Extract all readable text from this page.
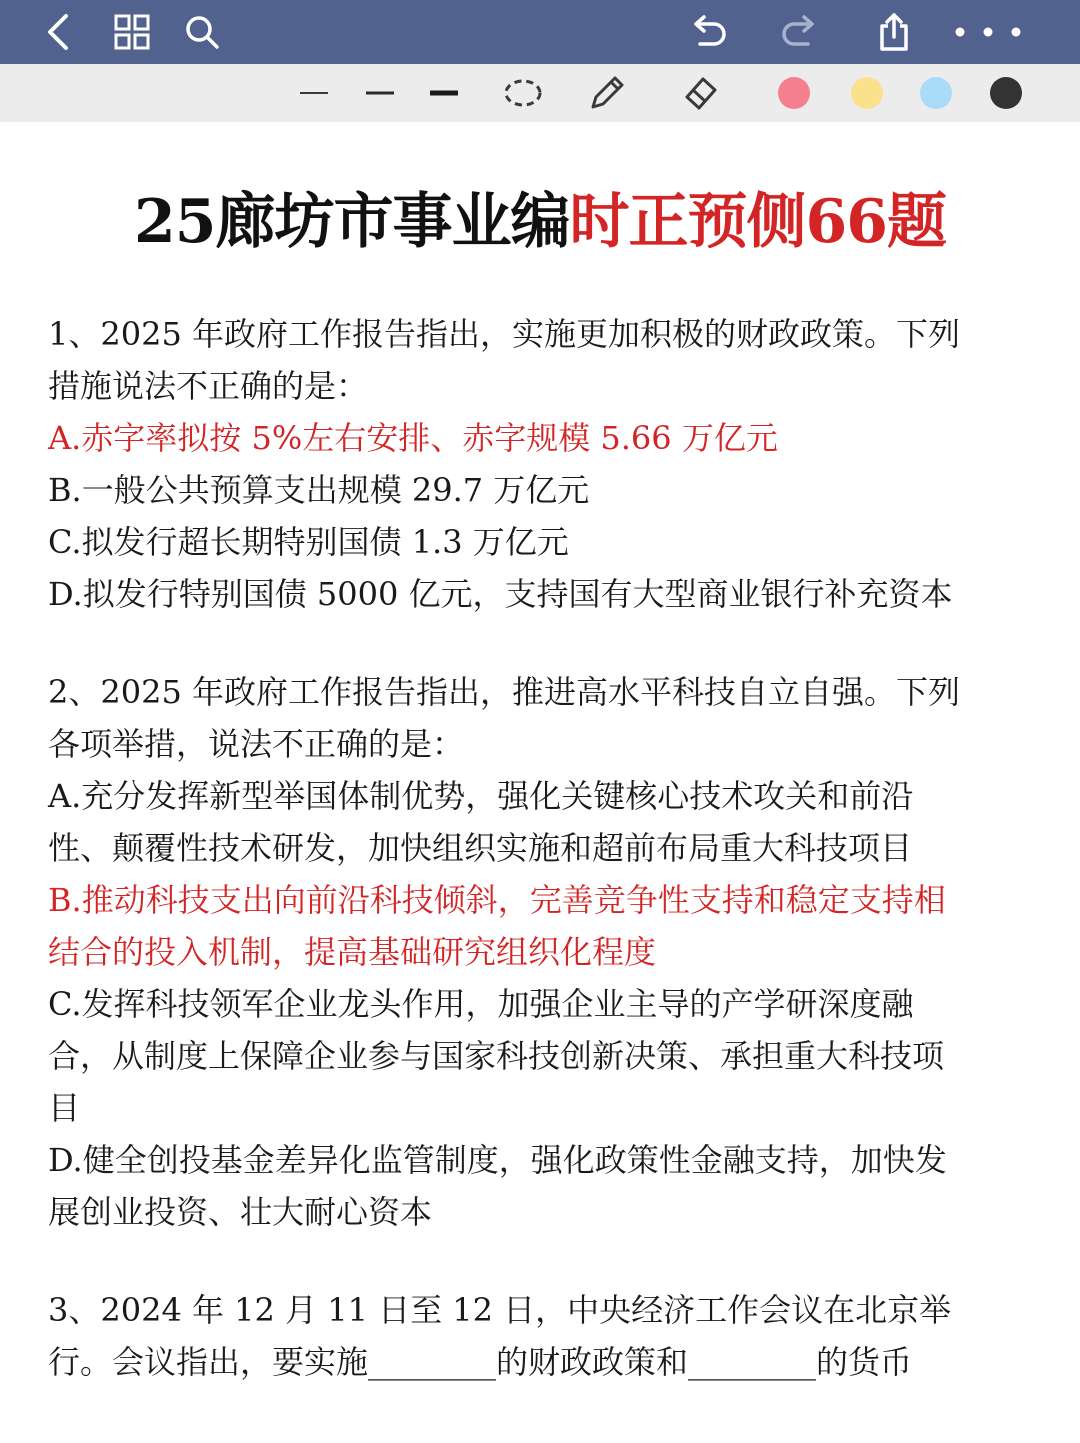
25廊坊市事业编时正预侧66题
1、2025 年政府工作报告指出，实施更加积极的财政政策。下列
措施说法不正确的是：
A.赤字率拟按 5%左右安排、赤字规模 5.66 万亿元
B.一般公共预算支出规模 29.7 万亿元
C.拟发行超长期特别国债 1.3 万亿元
D.拟发行特别国债 5000 亿元，支持国有大型商业银行补充资本
2、2025 年政府工作报告指出，推进高水平科技自立自强。下列
各项举措，说法不正确的是：
A.充分发挥新型举国体制优势，强化关键核心技术攻关和前沿
性、颠覆性技术研发，加快组织实施和超前布局重大科技项目
B.推动科技支出向前沿科技倾斜，完善竞争性支持和稳定支持相
结合的投入机制，提高基础研究组织化程度
C.发挥科技领军企业龙头作用，加强企业主导的产学研深度融
合，从制度上保障企业参与国家科技创新决策、承担重大科技项
目
D.健全创投基金差异化监管制度，强化政策性金融支持，加快发
展创业投资、壮大耐心资本
3、2024 年 12 月 11 日至 12 日，中央经济工作会议在北京举
行。会议指出，要实施________的财政政策和________的货币
